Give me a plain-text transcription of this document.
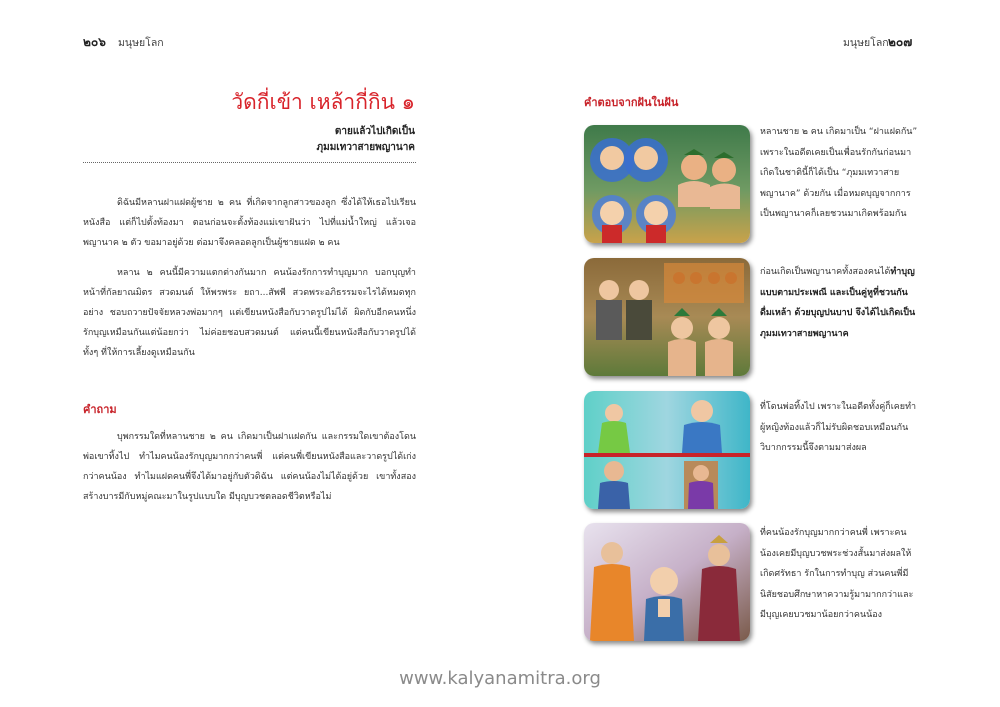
๒๐๖ มนุษยโลก	มนุษยโลก ๒๐๗
วัดกี่เข้า เหล้ากี่กิน ๑
ตายแล้วไปเกิดเป็น
ภุมมเทวาสายพญานาค

ดิฉันมีหลานฝาแฝดผู้ชาย ๒ คน ที่เกิดจากลูกสาวของลูก ซึ่งได้ให้เธอไปเรียนหนังสือ แต่ก็ไปตั้งท้องมา ตอนก่อนจะตั้งท้องแม่เขาฝันว่า ไปที่แม่น้ำใหญ่ แล้วเจอพญานาค ๒ ตัว ขอมาอยู่ด้วย ต่อมาจึงคลอดลูกเป็นผู้ชายแฝด ๒ คน

หลาน ๒ คนนี้มีความแตกต่างกันมาก คนน้องรักการทำบุญมาก บอกบุญทำหน้าที่กัลยาณมิตร สวดมนต์ ให้พรพระ ยถา...สัพพี สวดพระอภิธรรมจะไรได้หมดทุกอย่าง ชอบถวายปัจจัยหลวงพ่อมากๆ แต่เขียนหนังสือกับวาดรูปไม่ได้ ผิดกับอีกคนหนึ่ง รักบุญเหมือนกันแต่น้อยกว่า ไม่ค่อยชอบสวดมนต์ แต่คนนี้เขียนหนังสือกับวาดรูปได้ ทั้งๆ ที่ให้การเลี้ยงดูเหมือนกัน

คำถาม

บุพกรรมใดที่หลานชาย ๒ คน เกิดมาเป็นฝาแฝดกัน และกรรมใดเขาต้องโดนพ่อเขาทิ้งไป ทำไมคนน้องรักบุญมากกว่าคนพี่ แต่คนพี่เขียนหนังสือและวาดรูปได้เก่งกว่าคนน้อง ทำไมแฝดคนพี่จึงได้มาอยู่กับตัวดิฉัน แต่คนน้องไม่ได้อยู่ด้วย เขาทั้งสองสร้างบารมีกับหมู่คณะมาในรูปแบบใด มีบุญบวชตลอดชีวิตหรือไม่

คำตอบจากฝันในฝัน
หลานชาย ๒ คน เกิดมาเป็น “ฝาแฝดกัน” เพราะในอดีตเคยเป็นเพื่อนรักกันก่อนมาเกิดในชาตินี้ก็ได้เป็น “ภุมมเทวาสายพญานาค” ด้วยกัน เมื่อหมดบุญจากการเป็นพญานาคก็เลยชวนมาเกิดพร้อมกัน
ก่อนเกิดเป็นพญานาคทั้งสองคนได้ทำบุญแบบตามประเพณี และเป็นคู่หูที่ชวนกันดื่มเหล้า ด้วยบุญปนบาป จึงได้ไปเกิดเป็นภุมมเทวาสายพญานาค
ที่โดนพ่อทิ้งไป เพราะในอดีตทั้งคู่ก็เคยทำผู้หญิงท้องแล้วก็ไม่รับผิดชอบเหมือนกัน วิบากกรรมนี้จึงตามมาส่งผล
ที่คนน้องรักบุญมากกว่าคนพี่ เพราะคนน้องเคยมีบุญบวชพระช่วงสั้นมาส่งผลให้เกิดศรัทธา รักในการทำบุญ ส่วนคนพี่มีนิสัยชอบศึกษาหาความรู้มามากกว่าและมีบุญเคยบวชมาน้อยกว่าคนน้อง
www.kalyanamitra.org
